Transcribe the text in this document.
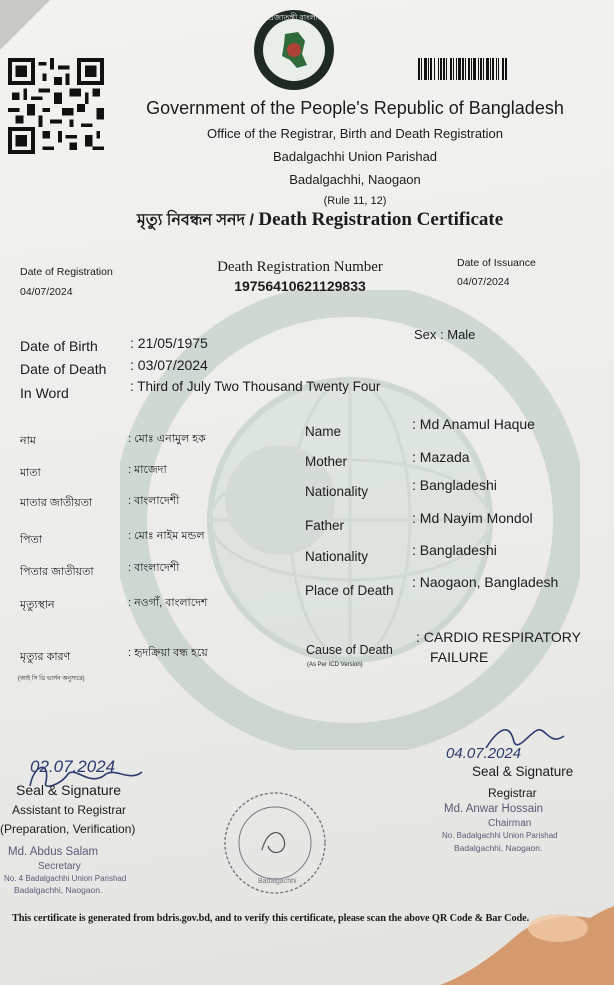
গণপ্রজাতন্ত্রী বাংলাদেশ
সরকার
Government of the People's Republic of Bangladesh
Office of the Registrar, Birth and Death Registration
Badalgachhi Union Parishad
Badalgachhi, Naogaon
(Rule 11, 12)
মৃত্যু নিবন্ধন সনদ / Death Registration Certificate
Date of Registration
04/07/2024
Death Registration Number
19756410621129833
Date of Issuance
04/07/2024
Date of Birth : 21/05/1975
Date of Death : 03/07/2024
In Word	: Third of July Two Thousand Twenty Four
Sex : Male
নাম	: মোঃ এনামুল হক
মাতা	: মাজেদা
মাতার জাতীয়তা	: বাংলাদেশী
পিতা	: মোঃ নাইম মন্ডল
পিতার জাতীয়তা	: বাংলাদেশী
মৃত্যুস্থান	: নওগাঁ, বাংলাদেশ
মৃত্যুর কারণ	: হৃদক্রিয়া বন্ধ হয়ে
(আই সি ডি ভার্সন অনুসারে)
Name	: Md Anamul Haque
Mother	: Mazada
Nationality	: Bangladeshi
Father	: Md Nayim Mondol
Nationality	: Bangladeshi
Place of Death
: Naogaon, Bangladesh
Cause of Death
(As Per ICD Version)
: CARDIO RESPIRATORY
FAILURE
02.07.2024
Seal & Signature
Assistant to Registrar
(Preparation, Verification)
Md. Abdus Salam
Secretary
No. 4 Badalgachhi Union Parishad
Badalgachhi, Naogaon.
Badalgachhi
04.07.2024
Seal & Signature
Registrar
Md. Anwar Hossain
Chairman
No. Badalgachhi Union Parishad
Badalgachhi, Naogaon.
This certificate is generated from bdris.gov.bd, and to verify this certificate, please scan the above QR Code & Bar Code.
